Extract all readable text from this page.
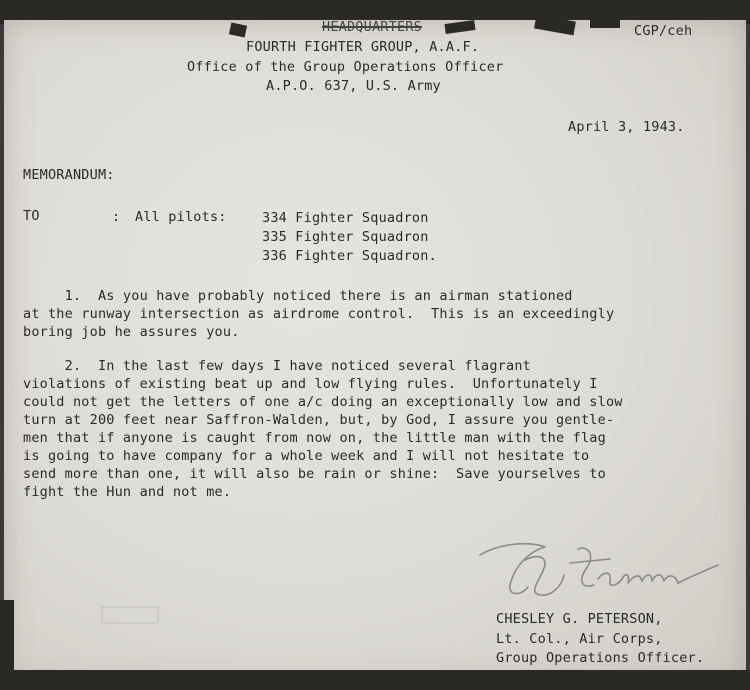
HEADQUARTERS
FOURTH FIGHTER GROUP, A.A.F.
Office of the Group Operations Officer
A.P.O. 637, U.S. Army
CGP/ceh
April 3, 1943.
MEMORANDUM:
TO	: All pilots:	334 Fighter Squadron
335 Fighter Squadron
336 Fighter Squadron.
1.  As you have probably noticed there is an airman stationed
at the runway intersection as airdrome control.  This is an exceedingly
boring job he assures you.
2.  In the last few days I have noticed several flagrant
violations of existing beat up and low flying rules.  Unfortunately I
could not get the letters of one a/c doing an exceptionally low and slow
turn at 200 feet near Saffron-Walden, but, by God, I assure you gentle-
men that if anyone is caught from now on, the little man with the flag
is going to have company for a whole week and I will not hesitate to
send more than one, it will also be rain or shine:  Save yourselves to
fight the Hun and not me.
CHESLEY G. PETERSON,
Lt. Col., Air Corps,
Group Operations Officer.
